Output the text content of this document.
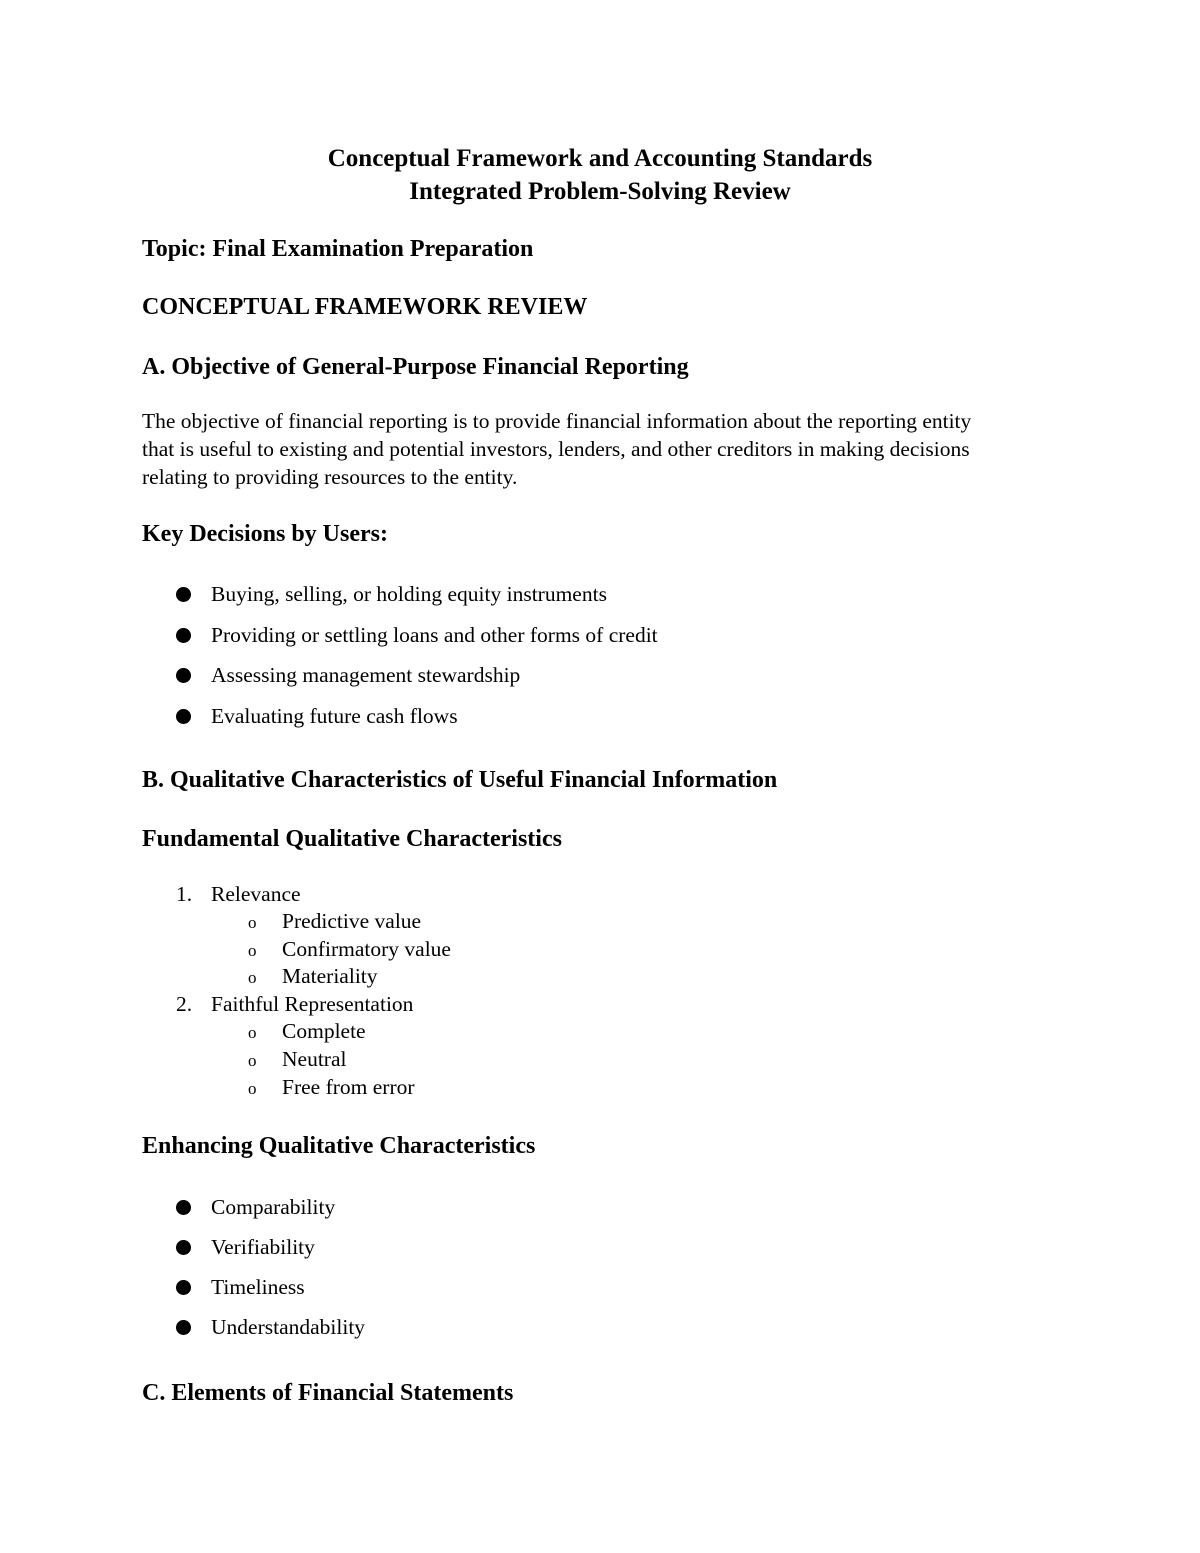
Conceptual Framework and Accounting Standards
Integrated Problem-Solving Review
Topic: Final Examination Preparation
CONCEPTUAL FRAMEWORK REVIEW
A. Objective of General-Purpose Financial Reporting
The objective of financial reporting is to provide financial information about the reporting entity
that is useful to existing and potential investors, lenders, and other creditors in making decisions
relating to providing resources to the entity.
Key Decisions by Users:
Buying, selling, or holding equity instruments
Providing or settling loans and other forms of credit
Assessing management stewardship
Evaluating future cash flows
B. Qualitative Characteristics of Useful Financial Information
Fundamental Qualitative Characteristics
1. Relevance
o Predictive value
o Confirmatory value
o Materiality
2. Faithful Representation
o Complete
o Neutral
o Free from error
Enhancing Qualitative Characteristics
Comparability
Verifiability
Timeliness
Understandability
C. Elements of Financial Statements
